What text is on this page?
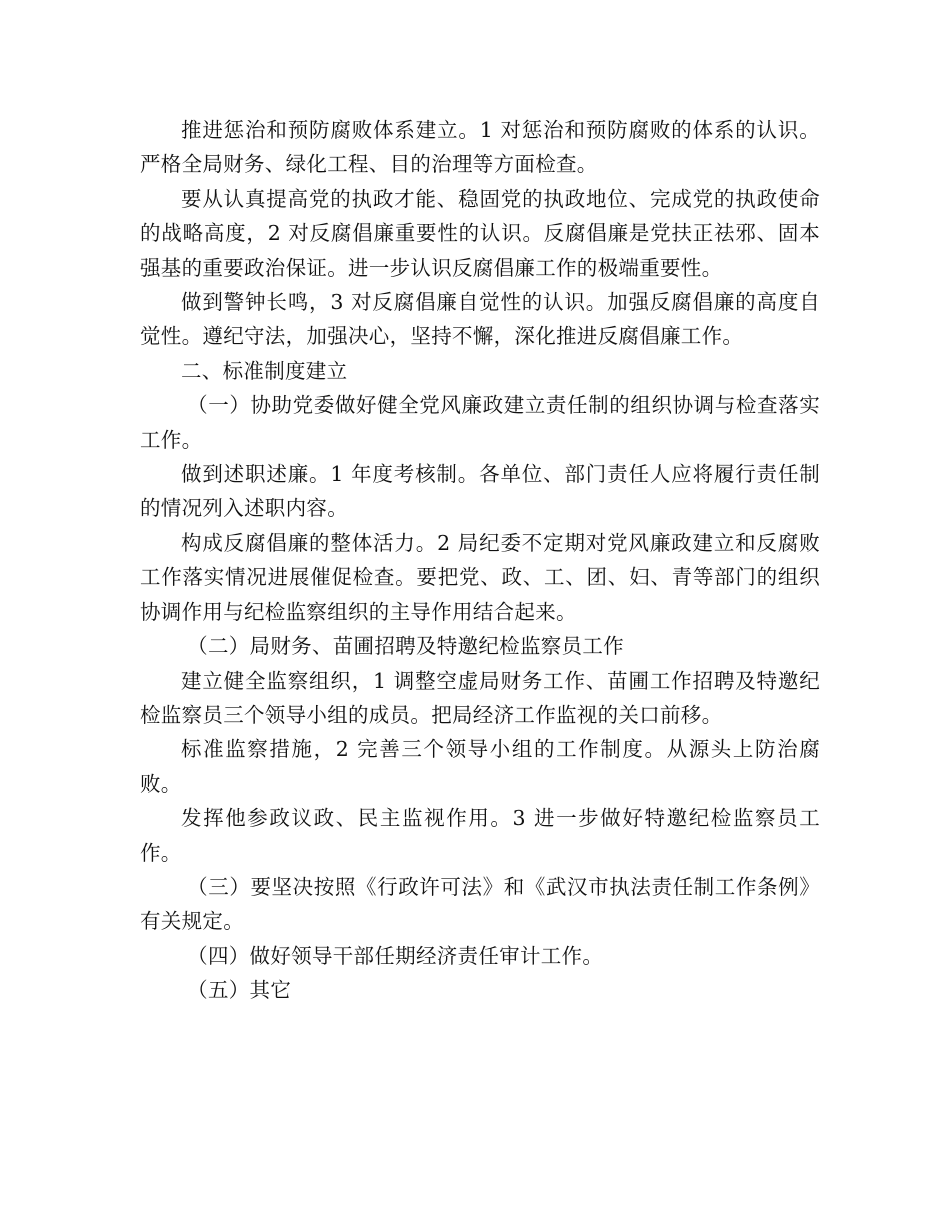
推进惩治和预防腐败体系建立。1 对惩治和预防腐败的体系的认识。严格全局财务、绿化工程、目的治理等方面检查。

要从认真提高党的执政才能、稳固党的执政地位、完成党的执政使命的战略高度，2 对反腐倡廉重要性的认识。反腐倡廉是党扶正祛邪、固本强基的重要政治保证。进一步认识反腐倡廉工作的极端重要性。

做到警钟长鸣，3 对反腐倡廉自觉性的认识。加强反腐倡廉的高度自觉性。遵纪守法，加强决心，坚持不懈，深化推进反腐倡廉工作。

二、标准制度建立

（一）协助党委做好健全党风廉政建立责任制的组织协调与检查落实工作。

做到述职述廉。1 年度考核制。各单位、部门责任人应将履行责任制的情况列入述职内容。

构成反腐倡廉的整体活力。2 局纪委不定期对党风廉政建立和反腐败工作落实情况进展催促检查。要把党、政、工、团、妇、青等部门的组织协调作用与纪检监察组织的主导作用结合起来。

（二）局财务、苗圃招聘及特邀纪检监察员工作

建立健全监察组织，1 调整空虚局财务工作、苗圃工作招聘及特邀纪检监察员三个领导小组的成员。把局经济工作监视的关口前移。

标准监察措施，2 完善三个领导小组的工作制度。从源头上防治腐败。

发挥他参政议政、民主监视作用。3 进一步做好特邀纪检监察员工作。

（三）要坚决按照《行政许可法》和《武汉市执法责任制工作条例》有关规定。

（四）做好领导干部任期经济责任审计工作。

（五）其它
